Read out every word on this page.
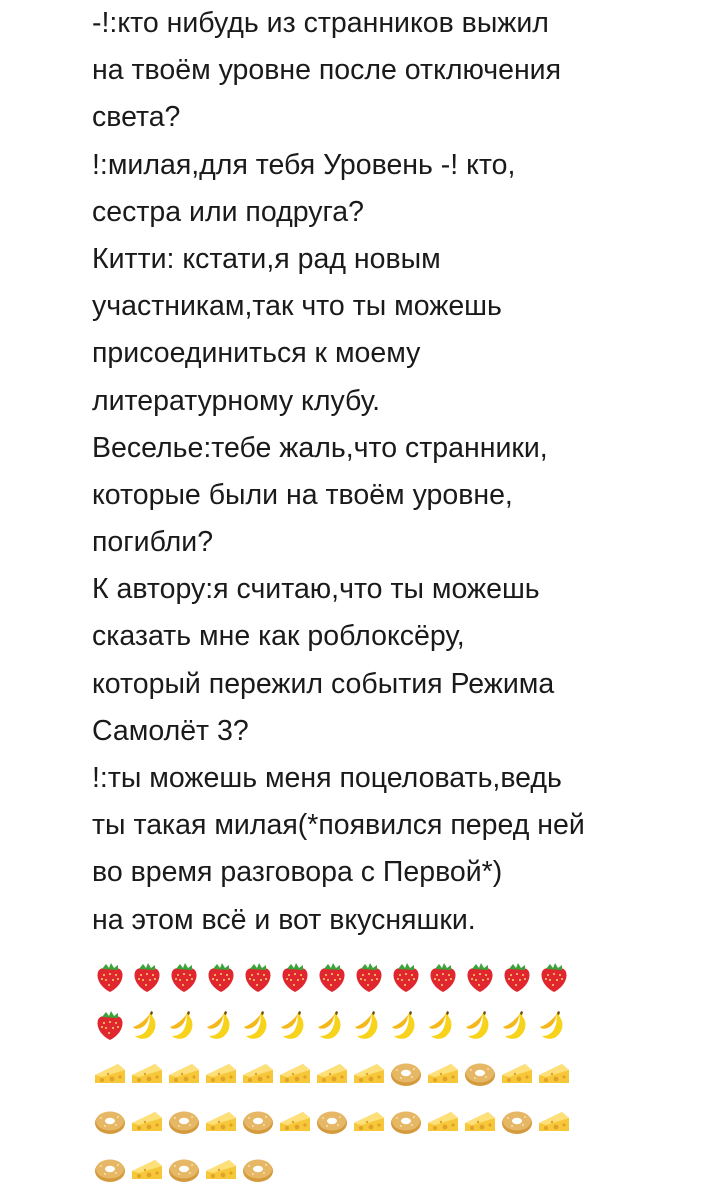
-!:кто нибудь из странников выжил
на твоём уровне после отключения
света?
!:милая,для тебя Уровень -! кто,
сестра или подруга?
Китти: кстати,я рад новым
участникам,так что ты можешь
присоединиться к моему
литературному клубу.
Веселье:тебе жаль,что странники,
которые были на твоём уровне,
погибли?
К автору:я считаю,что ты можешь
сказать мне как роблоксёру,
который пережил события Режима
Самолёт 3?
!:ты можешь меня поцеловать,ведь
ты такая милая(*появился перед ней
во время разговора с Первой*)
на этом всё и вот вкусняшки.
